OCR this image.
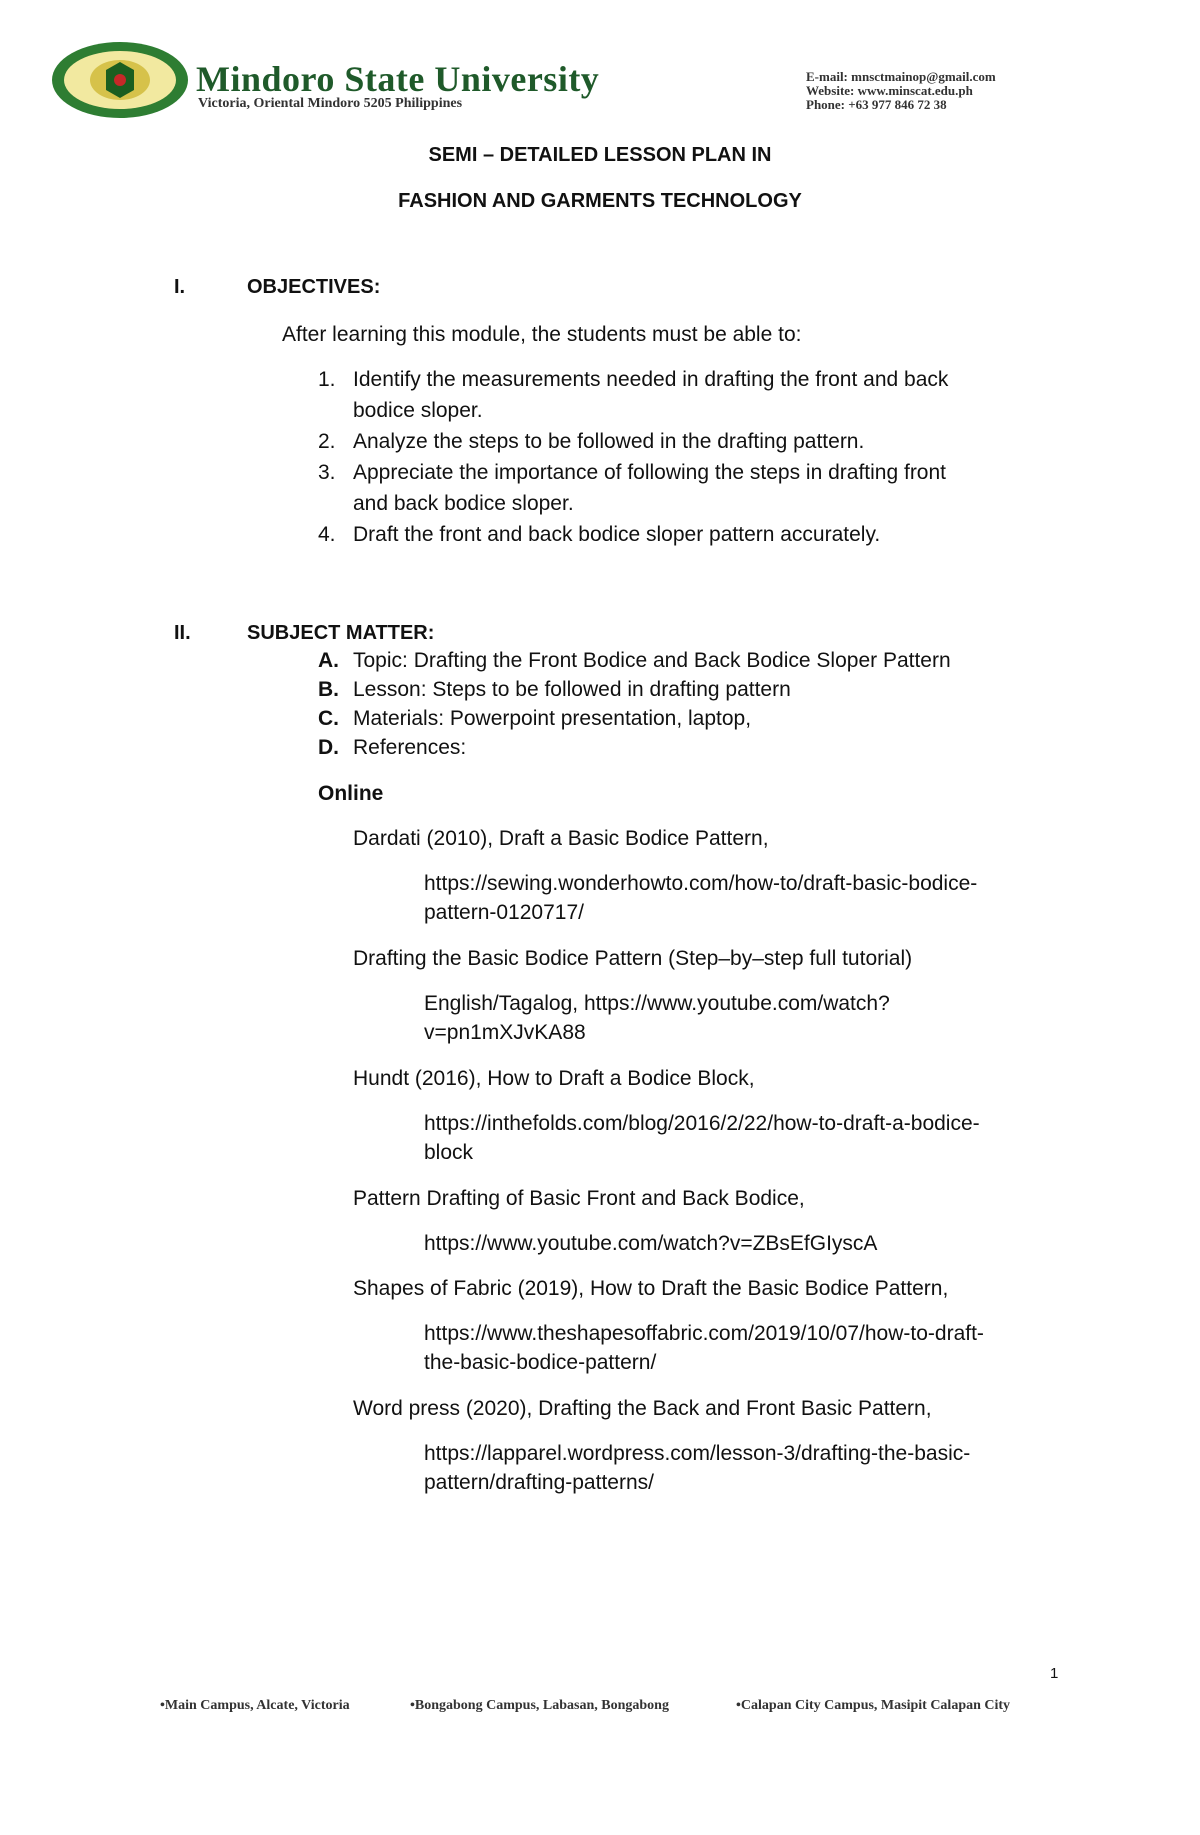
Mindoro State University
Victoria, Oriental Mindoro 5205 Philippines
E-mail: mnsctmainop@gmail.com
Website: www.minscat.edu.ph
Phone: +63 977 846 72 38
SEMI – DETAILED LESSON PLAN IN
FASHION AND GARMENTS TECHNOLOGY
I.	OBJECTIVES:
After learning this module, the students must be able to:
1. Identify the measurements needed in drafting the front and back
bodice sloper.
2. Analyze the steps to be followed in the drafting pattern.
3. Appreciate the importance of following the steps in drafting front
and back bodice sloper.
4. Draft the front and back bodice sloper pattern accurately.
II.	SUBJECT MATTER:
A. Topic: Drafting the Front Bodice and Back Bodice Sloper Pattern
B. Lesson: Steps to be followed in drafting pattern
C. Materials: Powerpoint presentation, laptop,
D. References:
Online
Dardati (2010), Draft a Basic Bodice Pattern,
https://sewing.wonderhowto.com/how-to/draft-basic-bodice-
pattern-0120717/
Drafting the Basic Bodice Pattern (Step–by–step full tutorial)
English/Tagalog, https://www.youtube.com/watch?
v=pn1mXJvKA88
Hundt (2016), How to Draft a Bodice Block,
https://inthefolds.com/blog/2016/2/22/how-to-draft-a-bodice-
block
Pattern Drafting of Basic Front and Back Bodice,
https://www.youtube.com/watch?v=ZBsEfGIyscA
Shapes of Fabric (2019), How to Draft the Basic Bodice Pattern,
https://www.theshapesoffabric.com/2019/10/07/how-to-draft-
the-basic-bodice-pattern/
Word press (2020), Drafting the Back and Front Basic Pattern,
https://lapparel.wordpress.com/lesson-3/drafting-the-basic-
pattern/drafting-patterns/
1
•Main Campus, Alcate, Victoria	•Bongabong Campus, Labasan, Bongabong	•Calapan City Campus, Masipit Calapan City
